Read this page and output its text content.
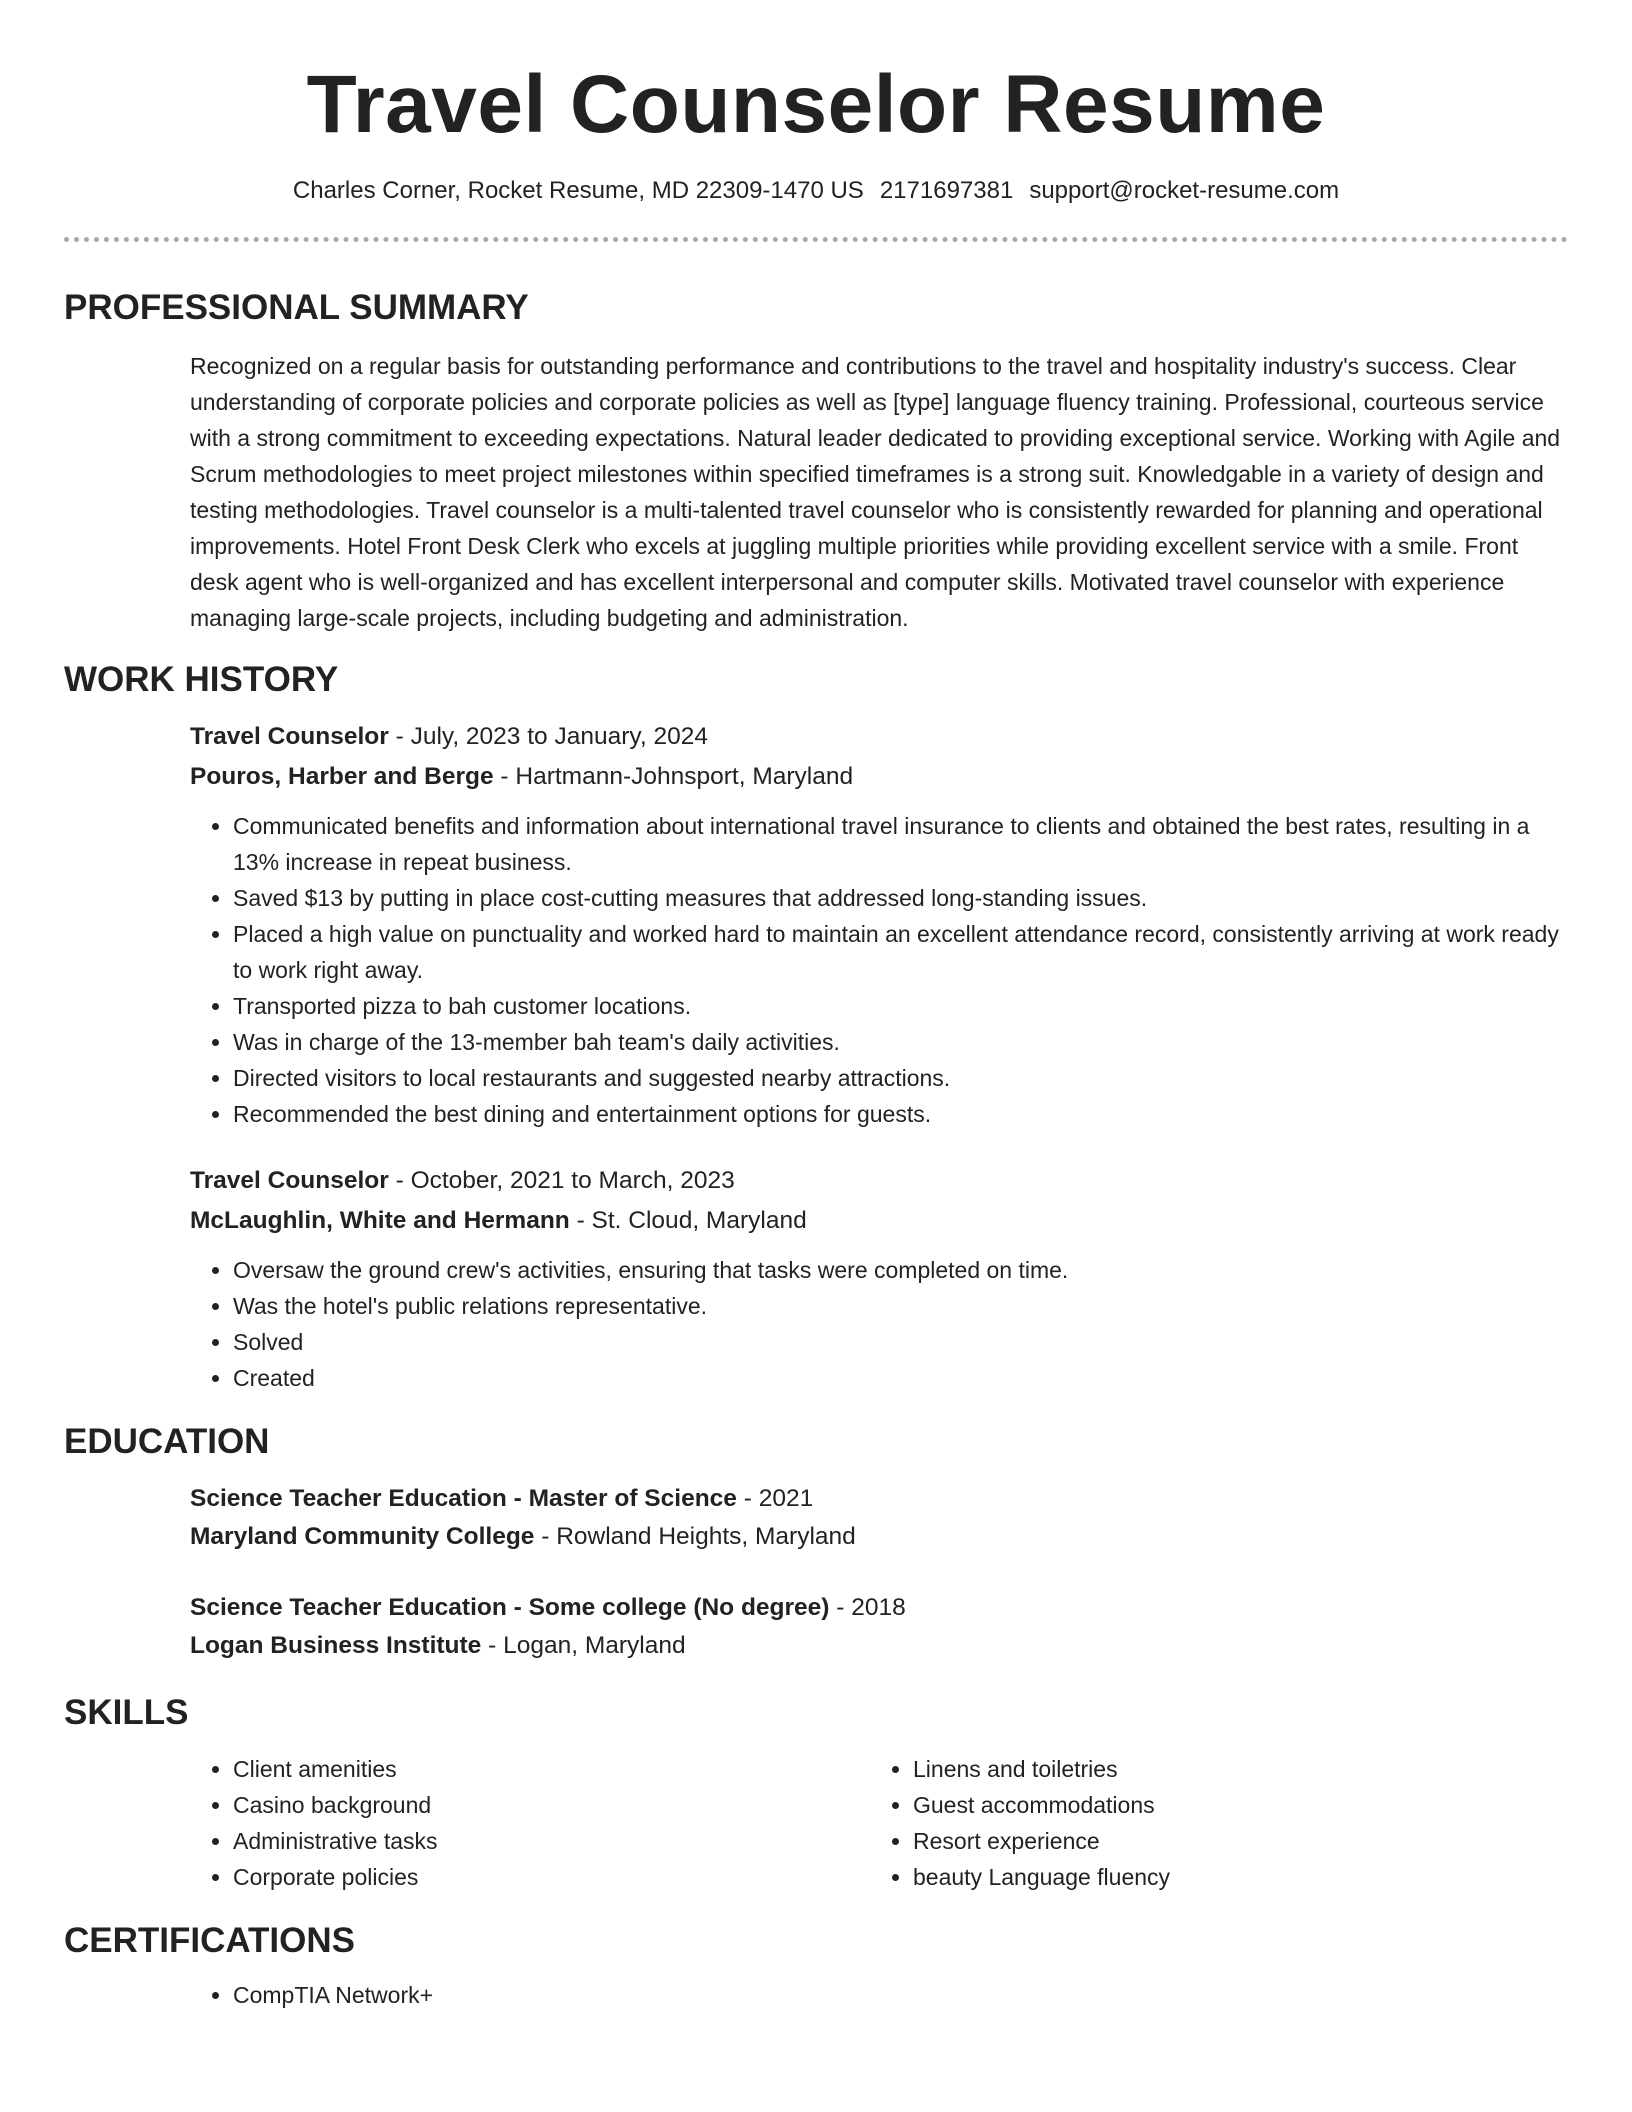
Travel Counselor Resume
Charles Corner, Rocket Resume, MD 22309-1470 US 2171697381 support@rocket-resume.com
PROFESSIONAL SUMMARY

Recognized on a regular basis for outstanding performance and contributions to the travel and hospitality industry's success. Clear understanding of corporate policies and corporate policies as well as [type] language fluency training. Professional, courteous service with a strong commitment to exceeding expectations. Natural leader dedicated to providing exceptional service. Working with Agile and Scrum methodologies to meet project milestones within specified timeframes is a strong suit. Knowledgable in a variety of design and testing methodologies. Travel counselor is a multi-talented travel counselor who is consistently rewarded for planning and operational improvements. Hotel Front Desk Clerk who excels at juggling multiple priorities while providing excellent service with a smile. Front desk agent who is well-organized and has excellent interpersonal and computer skills. Motivated travel counselor with experience managing large-scale projects, including budgeting and administration.

WORK HISTORY
Travel Counselor - July, 2023 to January, 2024
Pouros, Harber and Berge - Hartmann-Johnsport, Maryland
• Communicated benefits and information about international travel insurance to clients and obtained the best rates, resulting in a 13% increase in repeat business.
• Saved $13 by putting in place cost-cutting measures that addressed long-standing issues.
• Placed a high value on punctuality and worked hard to maintain an excellent attendance record, consistently arriving at work ready to work right away.
• Transported pizza to bah customer locations.
• Was in charge of the 13-member bah team's daily activities.
• Directed visitors to local restaurants and suggested nearby attractions.
• Recommended the best dining and entertainment options for guests.
Travel Counselor - October, 2021 to March, 2023
McLaughlin, White and Hermann - St. Cloud, Maryland
• Oversaw the ground crew's activities, ensuring that tasks were completed on time.
• Was the hotel's public relations representative.
• Solved
• Created
EDUCATION
Science Teacher Education - Master of Science - 2021
Maryland Community College - Rowland Heights, Maryland
Science Teacher Education - Some college (No degree) - 2018
Logan Business Institute - Logan, Maryland
SKILLS
• Client amenities
• Casino background
• Administrative tasks
• Corporate policies
• Linens and toiletries
• Guest accommodations
• Resort experience
• beauty Language fluency
CERTIFICATIONS
• CompTIA Network+
